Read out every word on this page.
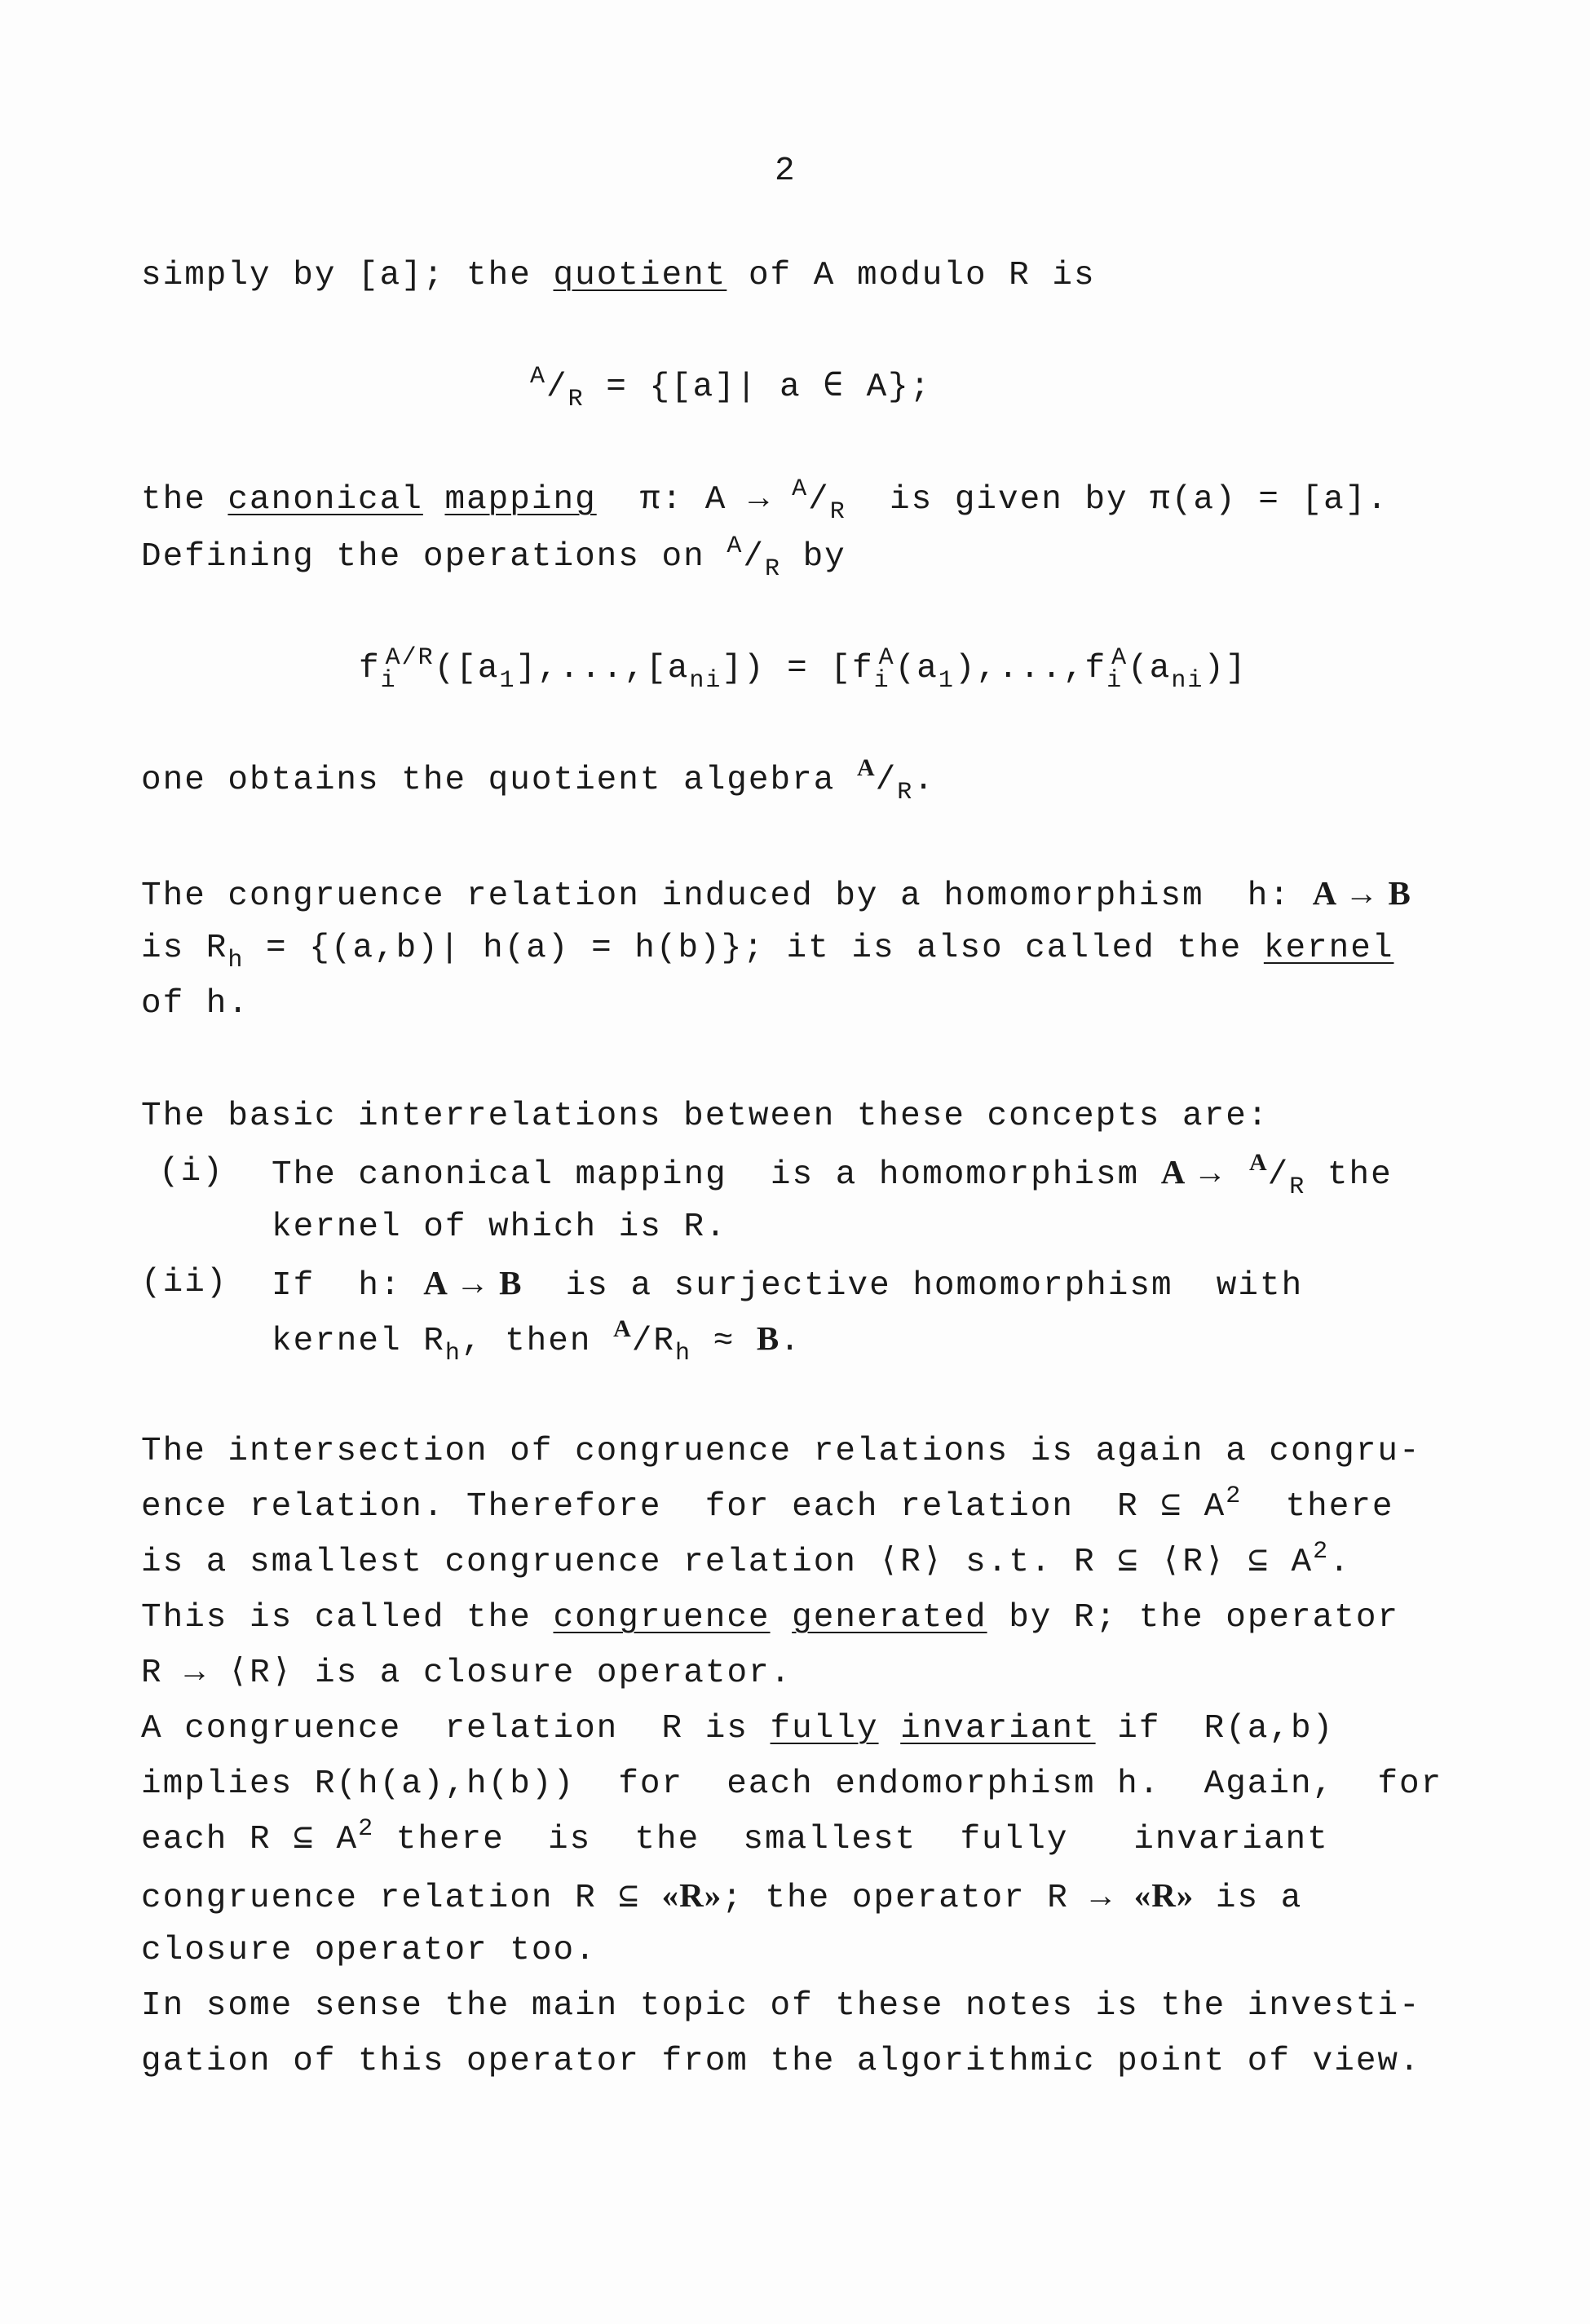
2
simply by [a]; the quotient of A modulo R is
$^A/_R = \{[a]|$ a ∈ A};
the canonical mapping π: $A \to ^A/_R$ is given by π(a) = [a].
Defining the operations on $^A/_R$ by
$f_i^{A/R}([a_1],...,[a_{ni}]) = [f_i^A(a_1),...,f_i^A(a_{ni})]$
one obtains the quotient algebra $^A/_R$.
The congruence relation induced by a homomorphism  h: A → B
is $R_h = \{(a,b)|$ h(a) = h(b)}; it is also called the kernel
of h.
The basic interrelations between these concepts are:
(i) The canonical mapping  is a homomorphism $A \to ^A/_R$ the
kernel of which is R.
(ii) If  h: A → B is a surjective homomorphism  with
kernel $R_h$, then $^A/R_h \approx B$.
The intersection of congruence relations is again a congru-
ence relation. Therefore  for each relation  R ⊆ $A^2$ there
is a smallest congruence relation ⟨R⟩ s.t. R ⊆ ⟨R⟩ ⊆ $A^2$.
This is called the congruence generated by R; the operator
R → ⟨R⟩ is a closure operator.
A congruence  relation  R is fully invariant if  R(a,b)
implies R(h(a),h(b))  for  each endomorphism h.  Again,  for
each R ⊆ $A^2$ there  is  the  smallest  fully   invariant
congruence relation R ⊆ «R»; the operator R → «R» is a
closure operator too.
In some sense the main topic of these notes is the investi-
gation of this operator from the algorithmic point of view.
